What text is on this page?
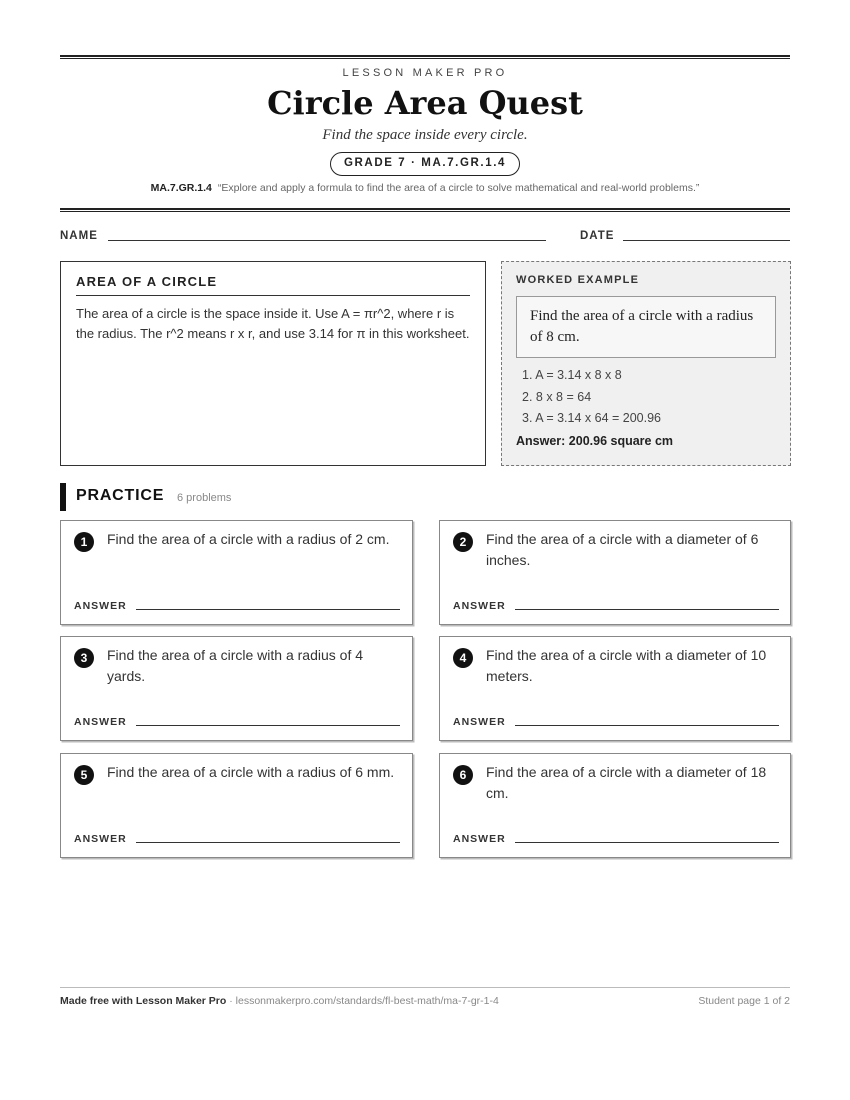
LESSON MAKER PRO
Circle Area Quest
Find the space inside every circle.
GRADE 7 · MA.7.GR.1.4
MA.7.GR.1.4 “Explore and apply a formula to find the area of a circle to solve mathematical and real-world problems.”
NAME	DATE
AREA OF A CIRCLE
The area of a circle is the space inside it. Use A = πr^2, where r is the radius. The r^2 means r x r, and use 3.14 for π in this worksheet.
WORKED EXAMPLE
Find the area of a circle with a radius of 8 cm.
1. A = 3.14 x 8 x 8
2. 8 x 8 = 64
3. A = 3.14 x 64 = 200.96
Answer: 200.96 square cm
PRACTICE 6 problems
1	Find the area of a circle with a radius of 2 cm.
ANSWER
2	Find the area of a circle with a diameter of 6 inches.
ANSWER
3	Find the area of a circle with a radius of 4 yards.
ANSWER
4	Find the area of a circle with a diameter of 10 meters.
ANSWER
5	Find the area of a circle with a radius of 6 mm.
ANSWER
6	Find the area of a circle with a diameter of 18 cm.
ANSWER
Made free with Lesson Maker Pro · lessonmakerpro.com/standards/fl-best-math/ma-7-gr-1-4	Student page 1 of 2
